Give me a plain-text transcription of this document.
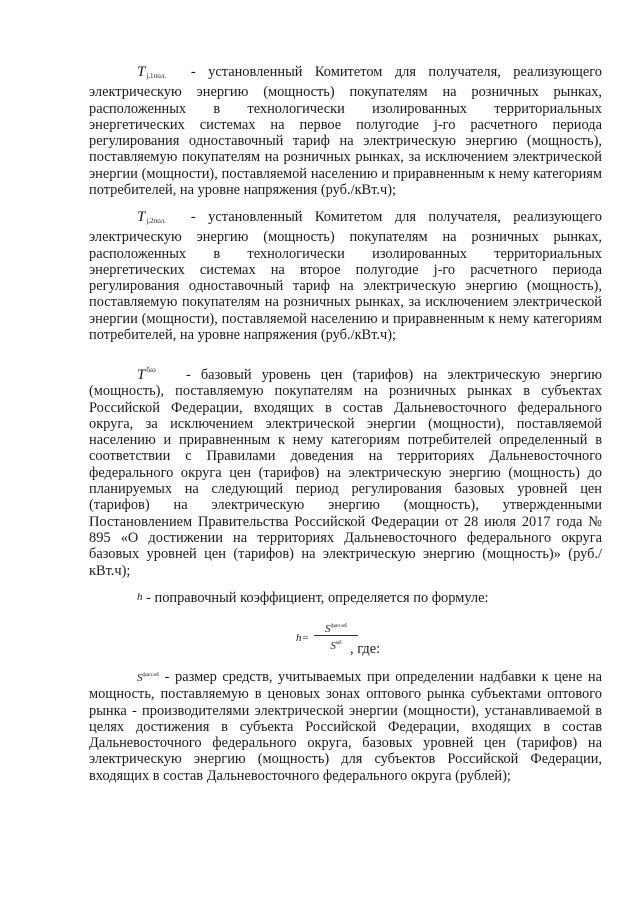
$T_{j,1пол.}$ - установленный Комитетом для получателя, реализующего электрическую энергию (мощность) покупателям на розничных рынках, расположенных в технологически изолированных территориальных энергетических системах на первое полугодие j-го расчетного периода регулирования одноставочный тариф на электрическую энергию (мощность), поставляемую покупателям на розничных рынках, за исключением электрической энергии (мощности), поставляемой населению и приравненным к нему категориям потребителей, на уровне напряжения (руб./кВт.ч);

$T_{j,2пол.}$ - установленный Комитетом для получателя, реализующего электрическую энергию (мощность) покупателям на розничных рынках, расположенных в технологически изолированных территориальных энергетических системах на второе полугодие j-го расчетного периода регулирования одноставочный тариф на электрическую энергию (мощность), поставляемую покупателям на розничных рынках, за исключением электрической энергии (мощности), поставляемой населению и приравненным к нему категориям потребителей, на уровне напряжения (руб./кВт.ч);

$T^{баз}$ - базовый уровень цен (тарифов) на электрическую энергию (мощность), поставляемую покупателям на розничных рынках в субъектах Российской Федерации, входящих в состав Дальневосточного федерального округа, за исключением электрической энергии (мощности), поставляемой населению и приравненным к нему категориям потребителей определенный в соответствии с Правилами доведения на территориях Дальневосточного федерального округа цен (тарифов) на электрическую энергию (мощность) до планируемых на следующий период регулирования базовых уровней цен (тарифов) на электрическую энергию (мощность), утвержденными Постановлением Правительства Российской Федерации от 28 июля 2017 года № 895 «О достижении на территориях Дальневосточного федерального округа базовых уровней цен (тарифов) на электрическую энергию (мощность)» (руб./кВт.ч);

h - поправочный коэффициент, определяется по формуле:

h=
$S^{факт.мб}$
$S^{мб}$ , где:

$S^{факт.мб}$ - размер средств, учитываемых при определении надбавки к цене на мощность, поставляемую в ценовых зонах оптового рынка субъектами оптового рынка - производителями электрической энергии (мощности), устанавливаемой в целях достижения в субъекта Российской Федерации, входящих в состав Дальневосточного федерального округа, базовых уровней цен (тарифов) на электрическую энергию (мощность) для субъектов Российской Федерации, входящих в состав Дальневосточного федерального округа (рублей);
